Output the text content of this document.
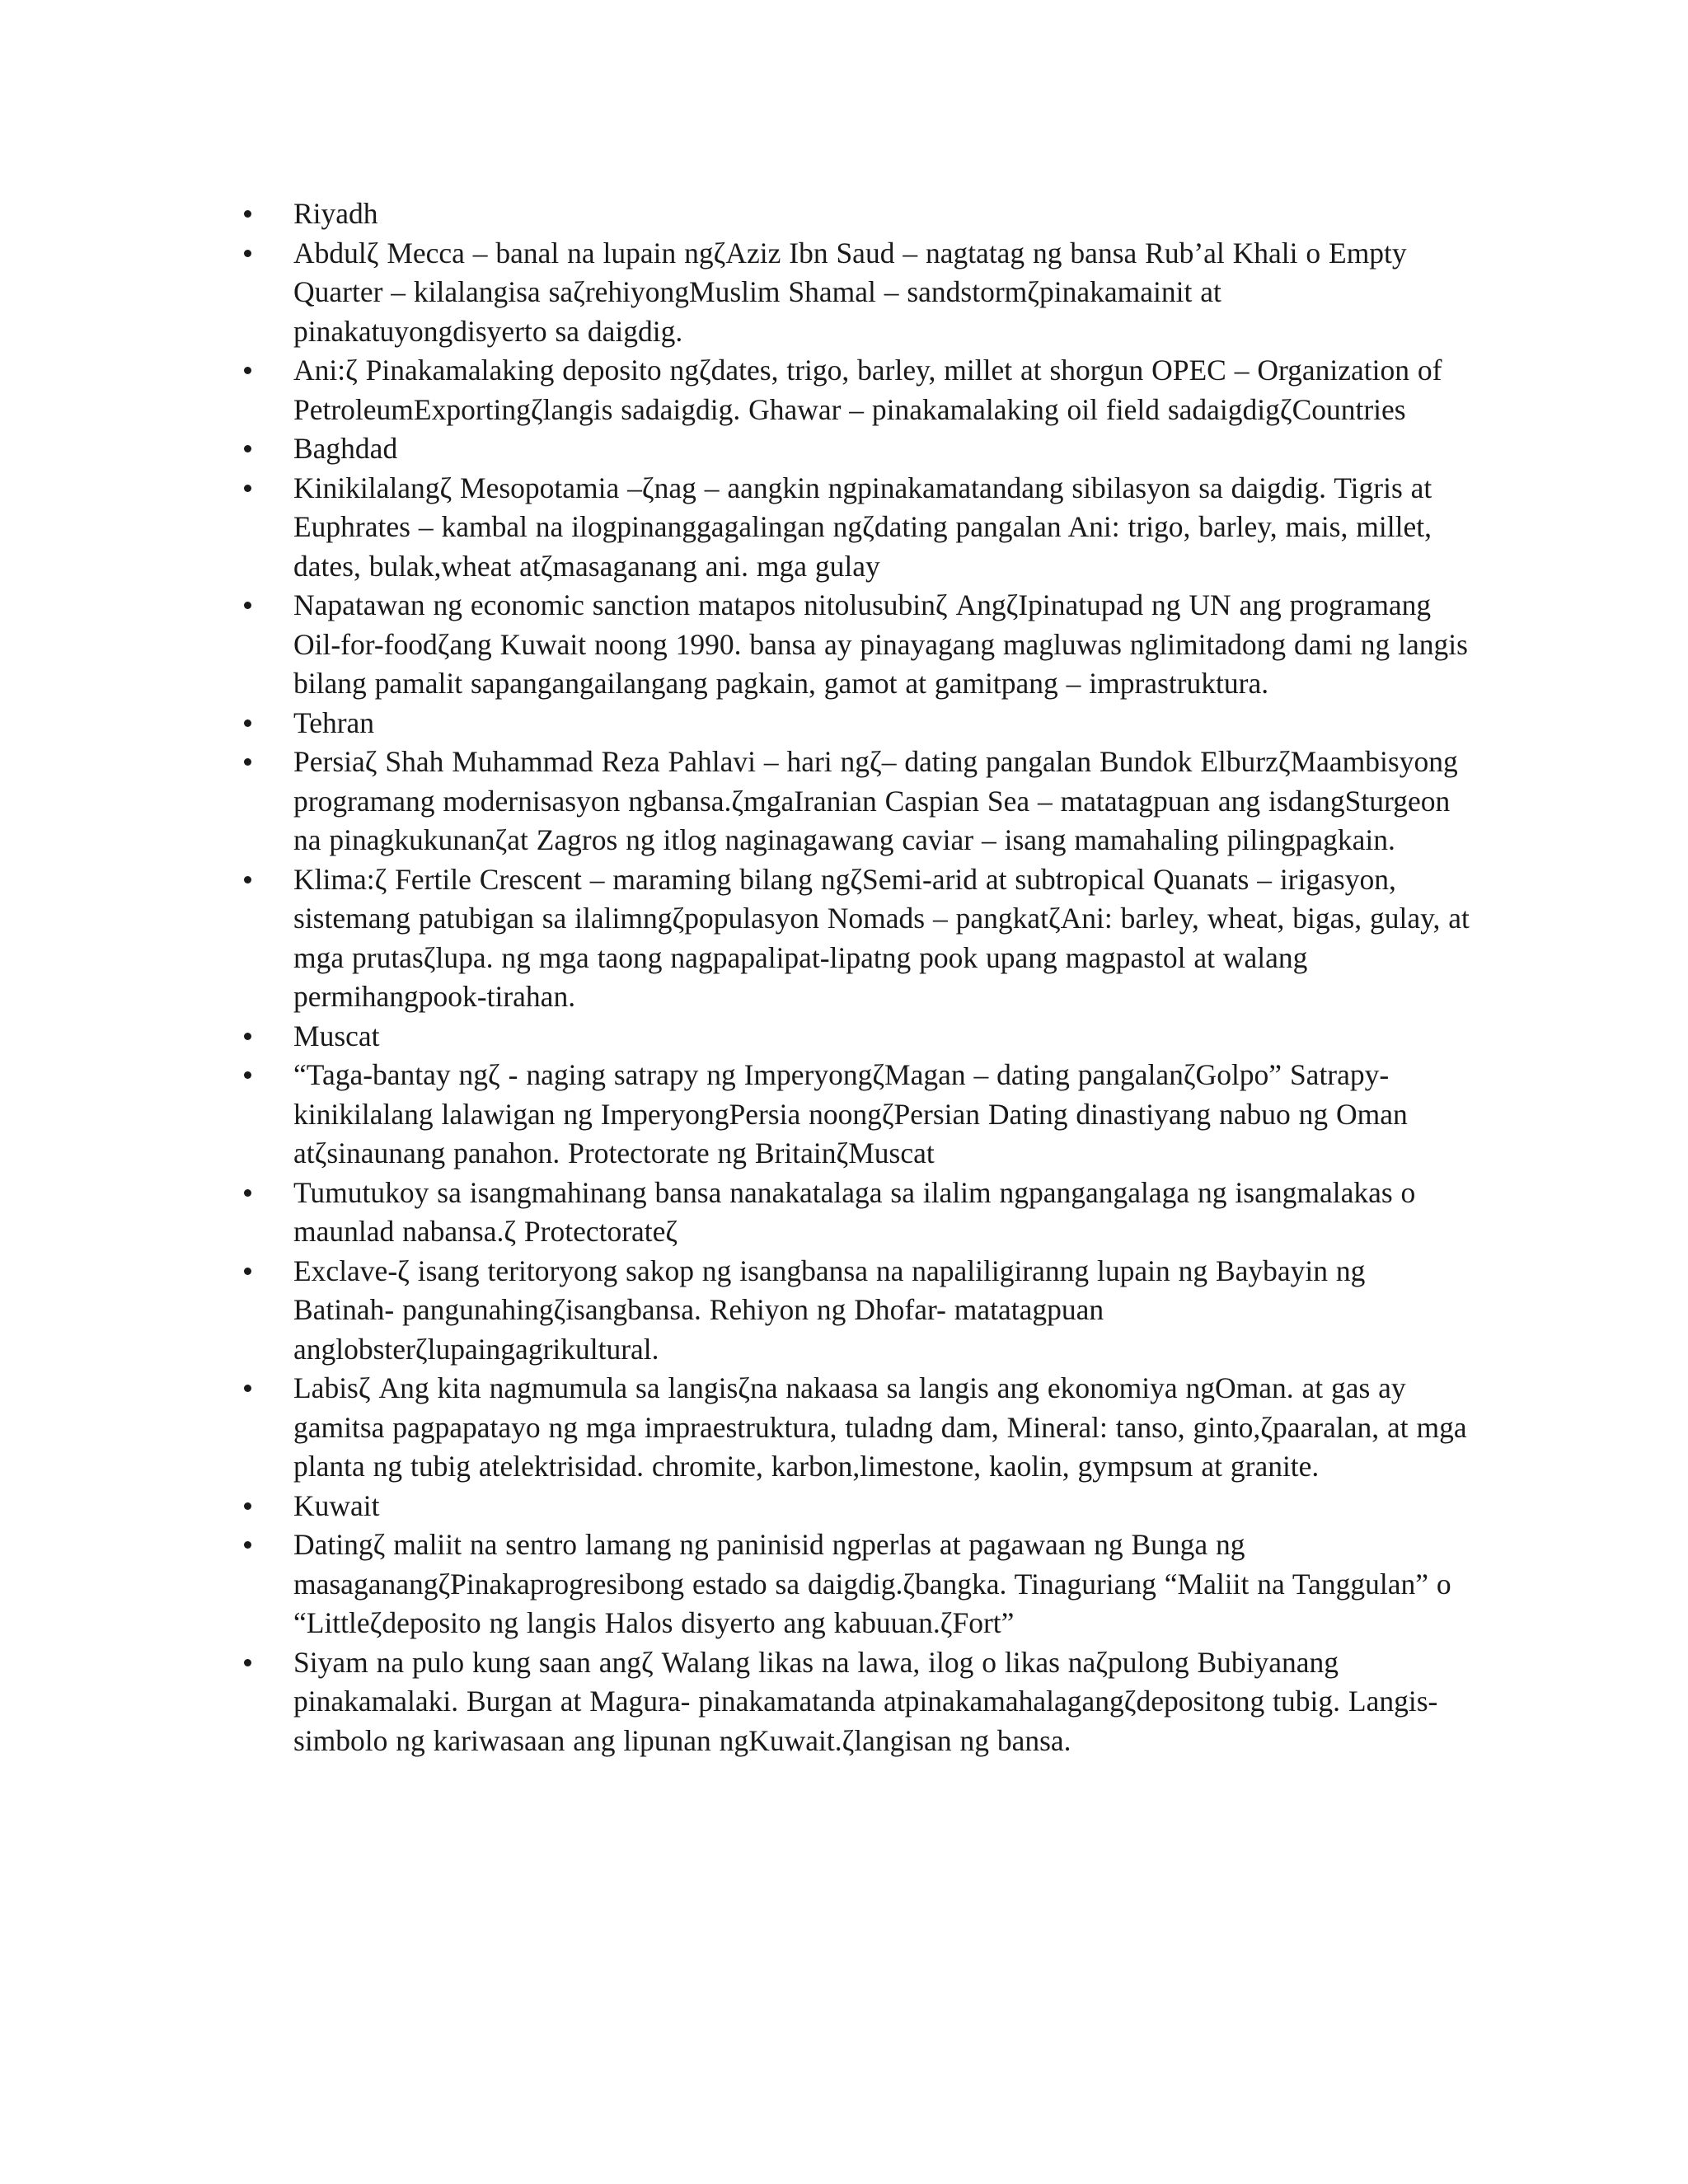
Riyadh
Abdulζ Mecca – banal na lupain ngζAziz Ibn Saud – nagtatag ng bansa Rub’al Khali o Empty Quarter – kilalangisa saζrehiyongMuslim Shamal – sandstormζpinakamainit at pinakatuyongdisyerto sa daigdig.
Ani:ζ Pinakamalaking deposito ngζdates, trigo, barley, millet at shorgun OPEC – Organization of PetroleumExportingζlangis sadaigdig. Ghawar – pinakamalaking oil field sadaigdigζCountries
Baghdad
Kinikilalangζ Mesopotamia –ζnag – aangkin ngpinakamatandang sibilasyon sa daigdig. Tigris at Euphrates – kambal na ilogpinanggagalingan ngζdating pangalan Ani: trigo, barley, mais, millet, dates, bulak,wheat atζmasaganang ani. mga gulay
Napatawan ng economic sanction matapos nitolusubinζ AngζIpinatupad ng UN ang programang Oil-for-foodζang Kuwait noong 1990. bansa ay pinayagang magluwas nglimitadong dami ng langis bilang pamalit sapangangailangang pagkain, gamot at gamitpang – imprastruktura.
Tehran
Persiaζ Shah Muhammad Reza Pahlavi – hari ngζ– dating pangalan Bundok ElburzζMaambisyong programang modernisasyon ngbansa.ζmgaIranian Caspian Sea – matatagpuan ang isdangSturgeon na pinagkukunanζat Zagros ng itlog naginagawang caviar – isang mamahaling pilingpagkain.
Klima:ζ Fertile Crescent – maraming bilang ngζSemi-arid at subtropical Quanats – irigasyon, sistemang patubigan sa ilalimngζpopulasyon Nomads – pangkatζAni: barley, wheat, bigas, gulay, at mga prutasζlupa. ng mga taong nagpapalipat-lipatng pook upang magpastol at walang permihangpook-tirahan.
Muscat
“Taga-bantay ngζ - naging satrapy ng ImperyongζMagan – dating pangalanζGolpo” Satrapy-kinikilalang lalawigan ng ImperyongPersia noongζPersian Dating dinastiyang nabuo ng Oman atζsinaunang panahon. Protectorate ng BritainζMuscat
Tumutukoy sa isangmahinang bansa nanakatalaga sa ilalim ngpangangalaga ng isangmalakas o maunlad nabansa.ζ Protectorateζ
Exclave-ζ isang teritoryong sakop ng isangbansa na napaliligiranng lupain ng Baybayin ng Batinah- pangunahingζisangbansa. Rehiyon ng Dhofar- matatagpuan anglobsterζlupaingagrikultural.
Labisζ Ang kita nagmumula sa langisζna nakaasa sa langis ang ekonomiya ngOman. at gas ay gamitsa pagpapatayo ng mga impraestruktura, tuladng dam, Mineral: tanso, ginto,ζpaaralan, at mga planta ng tubig atelektrisidad. chromite, karbon,limestone, kaolin, gympsum at granite.
Kuwait
Datingζ maliit na sentro lamang ng paninisid ngperlas at pagawaan ng Bunga ng masaganangζPinakaprogresibong estado sa daigdig.ζbangka. Tinaguriang “Maliit na Tanggulan” o “Littleζdeposito ng langis Halos disyerto ang kabuuan.ζFort”
Siyam na pulo kung saan angζ Walang likas na lawa, ilog o likas naζpulong Bubiyanang pinakamalaki. Burgan at Magura- pinakamatanda atpinakamahalagangζdepositong tubig. Langis- simbolo ng kariwasaan ang lipunan ngKuwait.ζlangisan ng bansa.
